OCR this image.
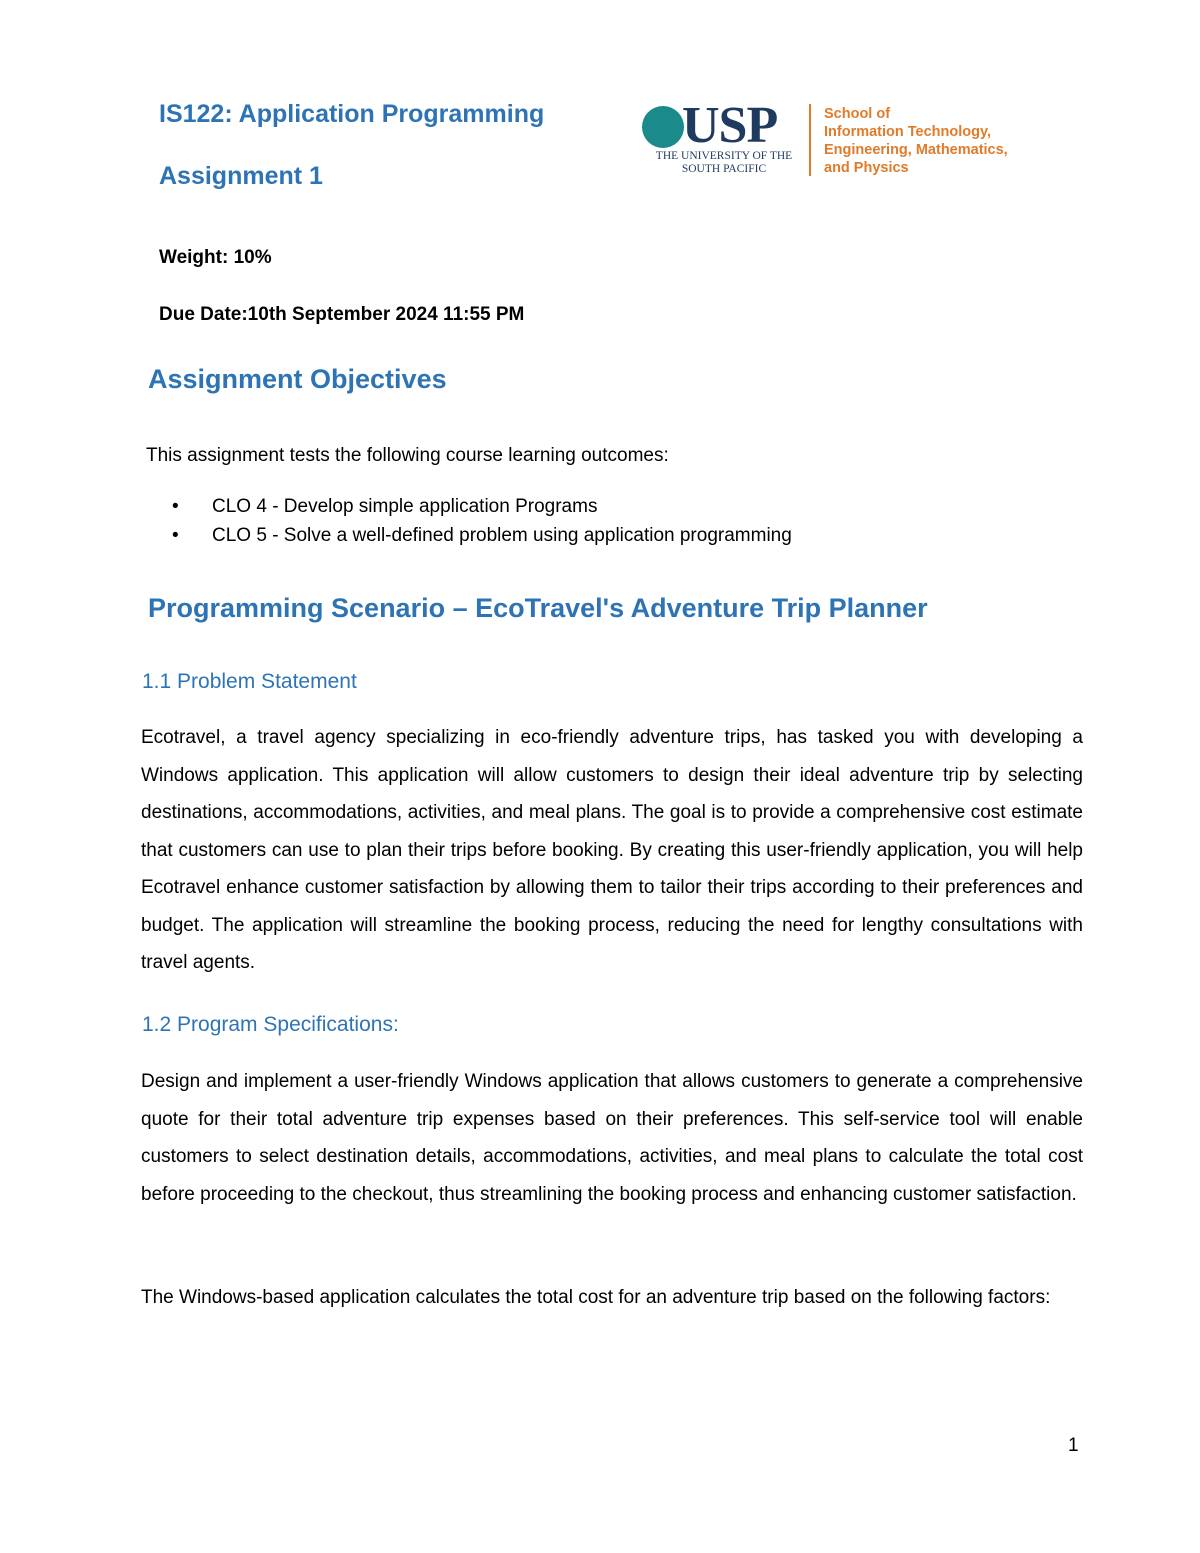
IS122: Application Programming
Assignment 1
USP
THE UNIVERSITY OF THE
SOUTH PACIFIC
School of
Information Technology,
Engineering, Mathematics,
and Physics
Weight: 10%
Due Date:10th September 2024 11:55 PM
Assignment Objectives
This assignment tests the following course learning outcomes:
• CLO 4 - Develop simple application Programs
• CLO 5 - Solve a well-defined problem using application programming
Programming Scenario – EcoTravel's Adventure Trip Planner
1.1 Problem Statement
Ecotravel, a travel agency specializing in eco-friendly adventure trips, has tasked you with developing a Windows application. This application will allow customers to design their ideal adventure trip by selecting destinations, accommodations, activities, and meal plans. The goal is to provide a comprehensive cost estimate that customers can use to plan their trips before booking. By creating this user-friendly application, you will help Ecotravel enhance customer satisfaction by allowing them to tailor their trips according to their preferences and budget. The application will streamline the booking process, reducing the need for lengthy consultations with travel agents.
1.2 Program Specifications:
Design and implement a user-friendly Windows application that allows customers to generate a comprehensive quote for their total adventure trip expenses based on their preferences. This self-service tool will enable customers to select destination details, accommodations, activities, and meal plans to calculate the total cost before proceeding to the checkout, thus streamlining the booking process and enhancing customer satisfaction.
The Windows-based application calculates the total cost for an adventure trip based on the following factors:
1
